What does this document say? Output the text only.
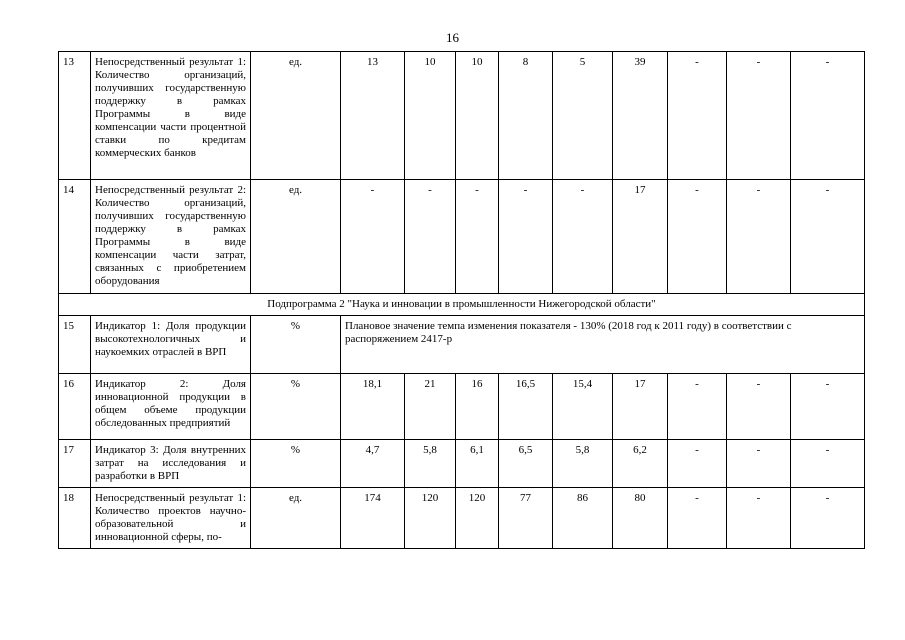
16
13	Непосредственный результат 1: Количество организаций, получивших государственную поддержку в рамках Программы в виде компенсации части процентной ставки по кредитам коммерческих банков	ед.	13	10	10	8	5	39	-	-	-
14	Непосредственный результат 2: Количество организаций, получивших государственную поддержку в рамках Программы в виде компенсации части затрат, связанных с приобретением оборудования	ед.	-	-	-	-	-	17	-	-	-
Подпрограмма 2 "Наука и инновации в промышленности Нижегородской области"											
15	Индикатор 1: Доля продукции высокотехнологичных и наукоемких отраслей в ВРП	%	Плановое значение темпа изменения показателя - 130% (2018 год к 2011 году) в соответствии с распоряжением 2417-р								
16	Индикатор 2: Доля инновационной продукции в общем объеме продукции обследованных предприятий	%	18,1	21	16	16,5	15,4	17	-	-	-
17	Индикатор 3: Доля внутренних затрат на исследования и разработки в ВРП	%	4,7	5,8	6,1	6,5	5,8	6,2	-	-	-
18	Непосредственный результат 1: Количество проектов научно-образовательной и инновационной сферы, по-	ед.	174	120	120	77	86	80	-	-	-
